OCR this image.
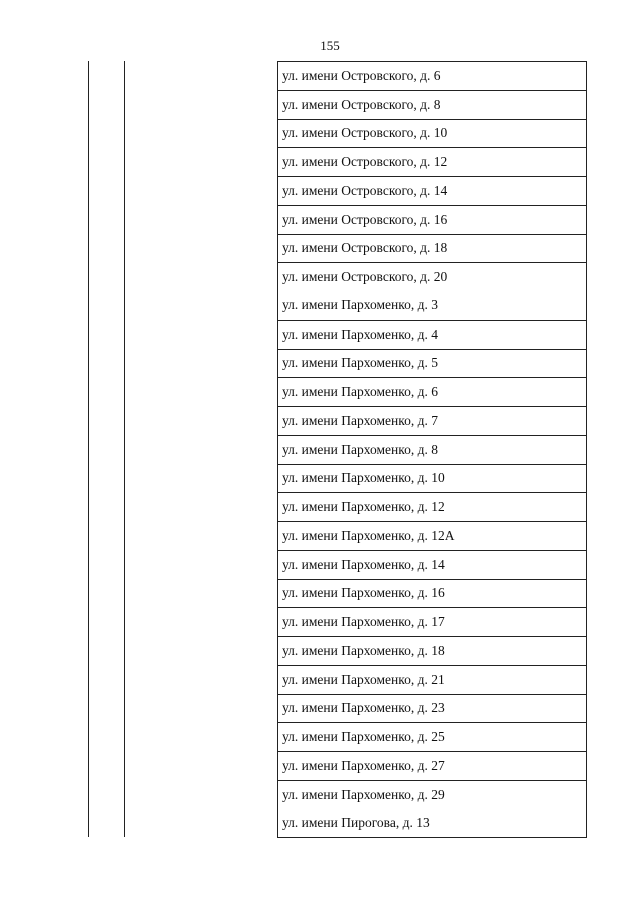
155
ул. имени Островского, д. 6
ул. имени Островского, д. 8
ул. имени Островского, д. 10
ул. имени Островского, д. 12
ул. имени Островского, д. 14
ул. имени Островского, д. 16
ул. имени Островского, д. 18
ул. имени Островского, д. 20
ул. имени Пархоменко, д. 3
ул. имени Пархоменко, д. 4
ул. имени Пархоменко, д. 5
ул. имени Пархоменко, д. 6
ул. имени Пархоменко, д. 7
ул. имени Пархоменко, д. 8
ул. имени Пархоменко, д. 10
ул. имени Пархоменко, д. 12
ул. имени Пархоменко, д. 12А
ул. имени Пархоменко, д. 14
ул. имени Пархоменко, д. 16
ул. имени Пархоменко, д. 17
ул. имени Пархоменко, д. 18
ул. имени Пархоменко, д. 21
ул. имени Пархоменко, д. 23
ул. имени Пархоменко, д. 25
ул. имени Пархоменко, д. 27
ул. имени Пархоменко, д. 29
ул. имени Пирогова, д. 13
